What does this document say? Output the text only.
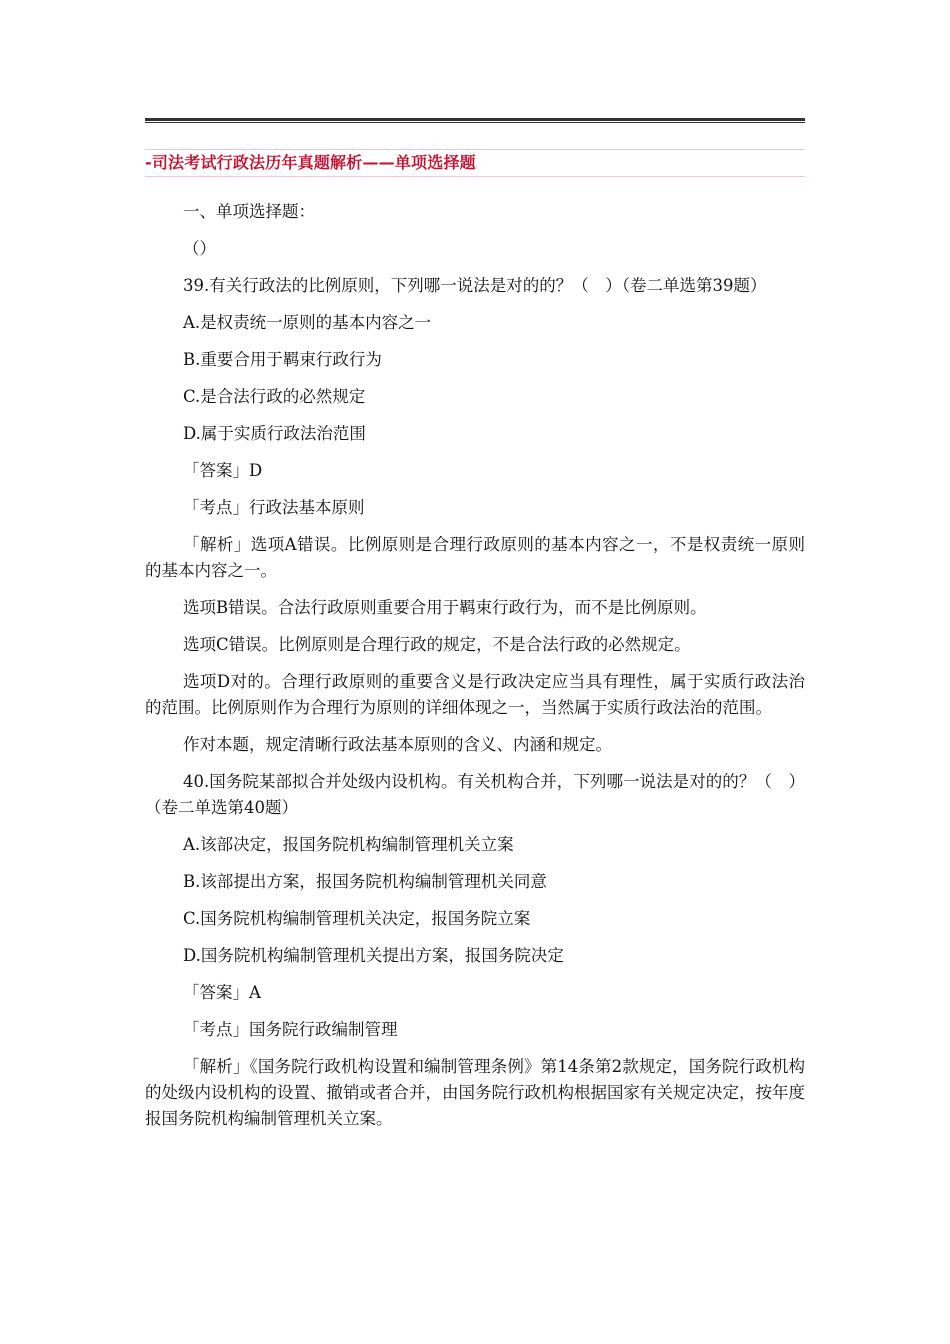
-司法考试行政法历年真题解析——单项选择题

一、单项选择题：

（）

39.有关行政法的比例原则，下列哪一说法是对的的？（　）（卷二单选第39题）

A.是权责统一原则的基本内容之一

B.重要合用于羁束行政行为

C.是合法行政的必然规定

D.属于实质行政法治范围

「答案」D

「考点」行政法基本原则

「解析」选项A错误。比例原则是合理行政原则的基本内容之一，不是权责统一原则的基本内容之一。

选项B错误。合法行政原则重要合用于羁束行政行为，而不是比例原则。

选项C错误。比例原则是合理行政的规定，不是合法行政的必然规定。

选项D对的。合理行政原则的重要含义是行政决定应当具有理性，属于实质行政法治的范围。比例原则作为合理行为原则的详细体现之一，当然属于实质行政法治的范围。

作对本题，规定清晰行政法基本原则的含义、内涵和规定。

40.国务院某部拟合并处级内设机构。有关机构合并，下列哪一说法是对的的？（　）（卷二单选第40题）

A.该部决定，报国务院机构编制管理机关立案

B.该部提出方案，报国务院机构编制管理机关同意

C.国务院机构编制管理机关决定，报国务院立案

D.国务院机构编制管理机关提出方案，报国务院决定

「答案」A

「考点」国务院行政编制管理

「解析」《国务院行政机构设置和编制管理条例》第14条第2款规定，国务院行政机构的处级内设机构的设置、撤销或者合并，由国务院行政机构根据国家有关规定决定，按年度报国务院机构编制管理机关立案。
